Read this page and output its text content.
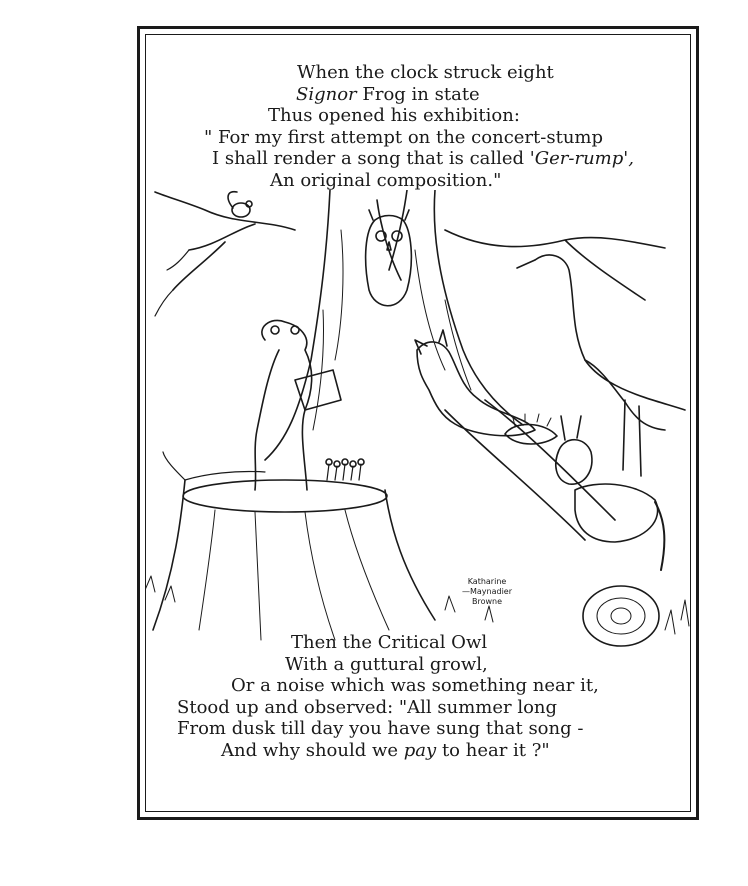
When the clock struck eight
Signor Frog in state
Thus opened his exhibition:
" For my first attempt on the concert-stump
I shall render a song that is called 'Ger-rump',
An original composition."
Katharine
—Maynadier
Browne
Then the Critical Owl
With a guttural growl,
Or a noise which was something near it,
Stood up and observed: "All summer long
From dusk till day you have sung that song -
And why should we pay to hear it ?"
